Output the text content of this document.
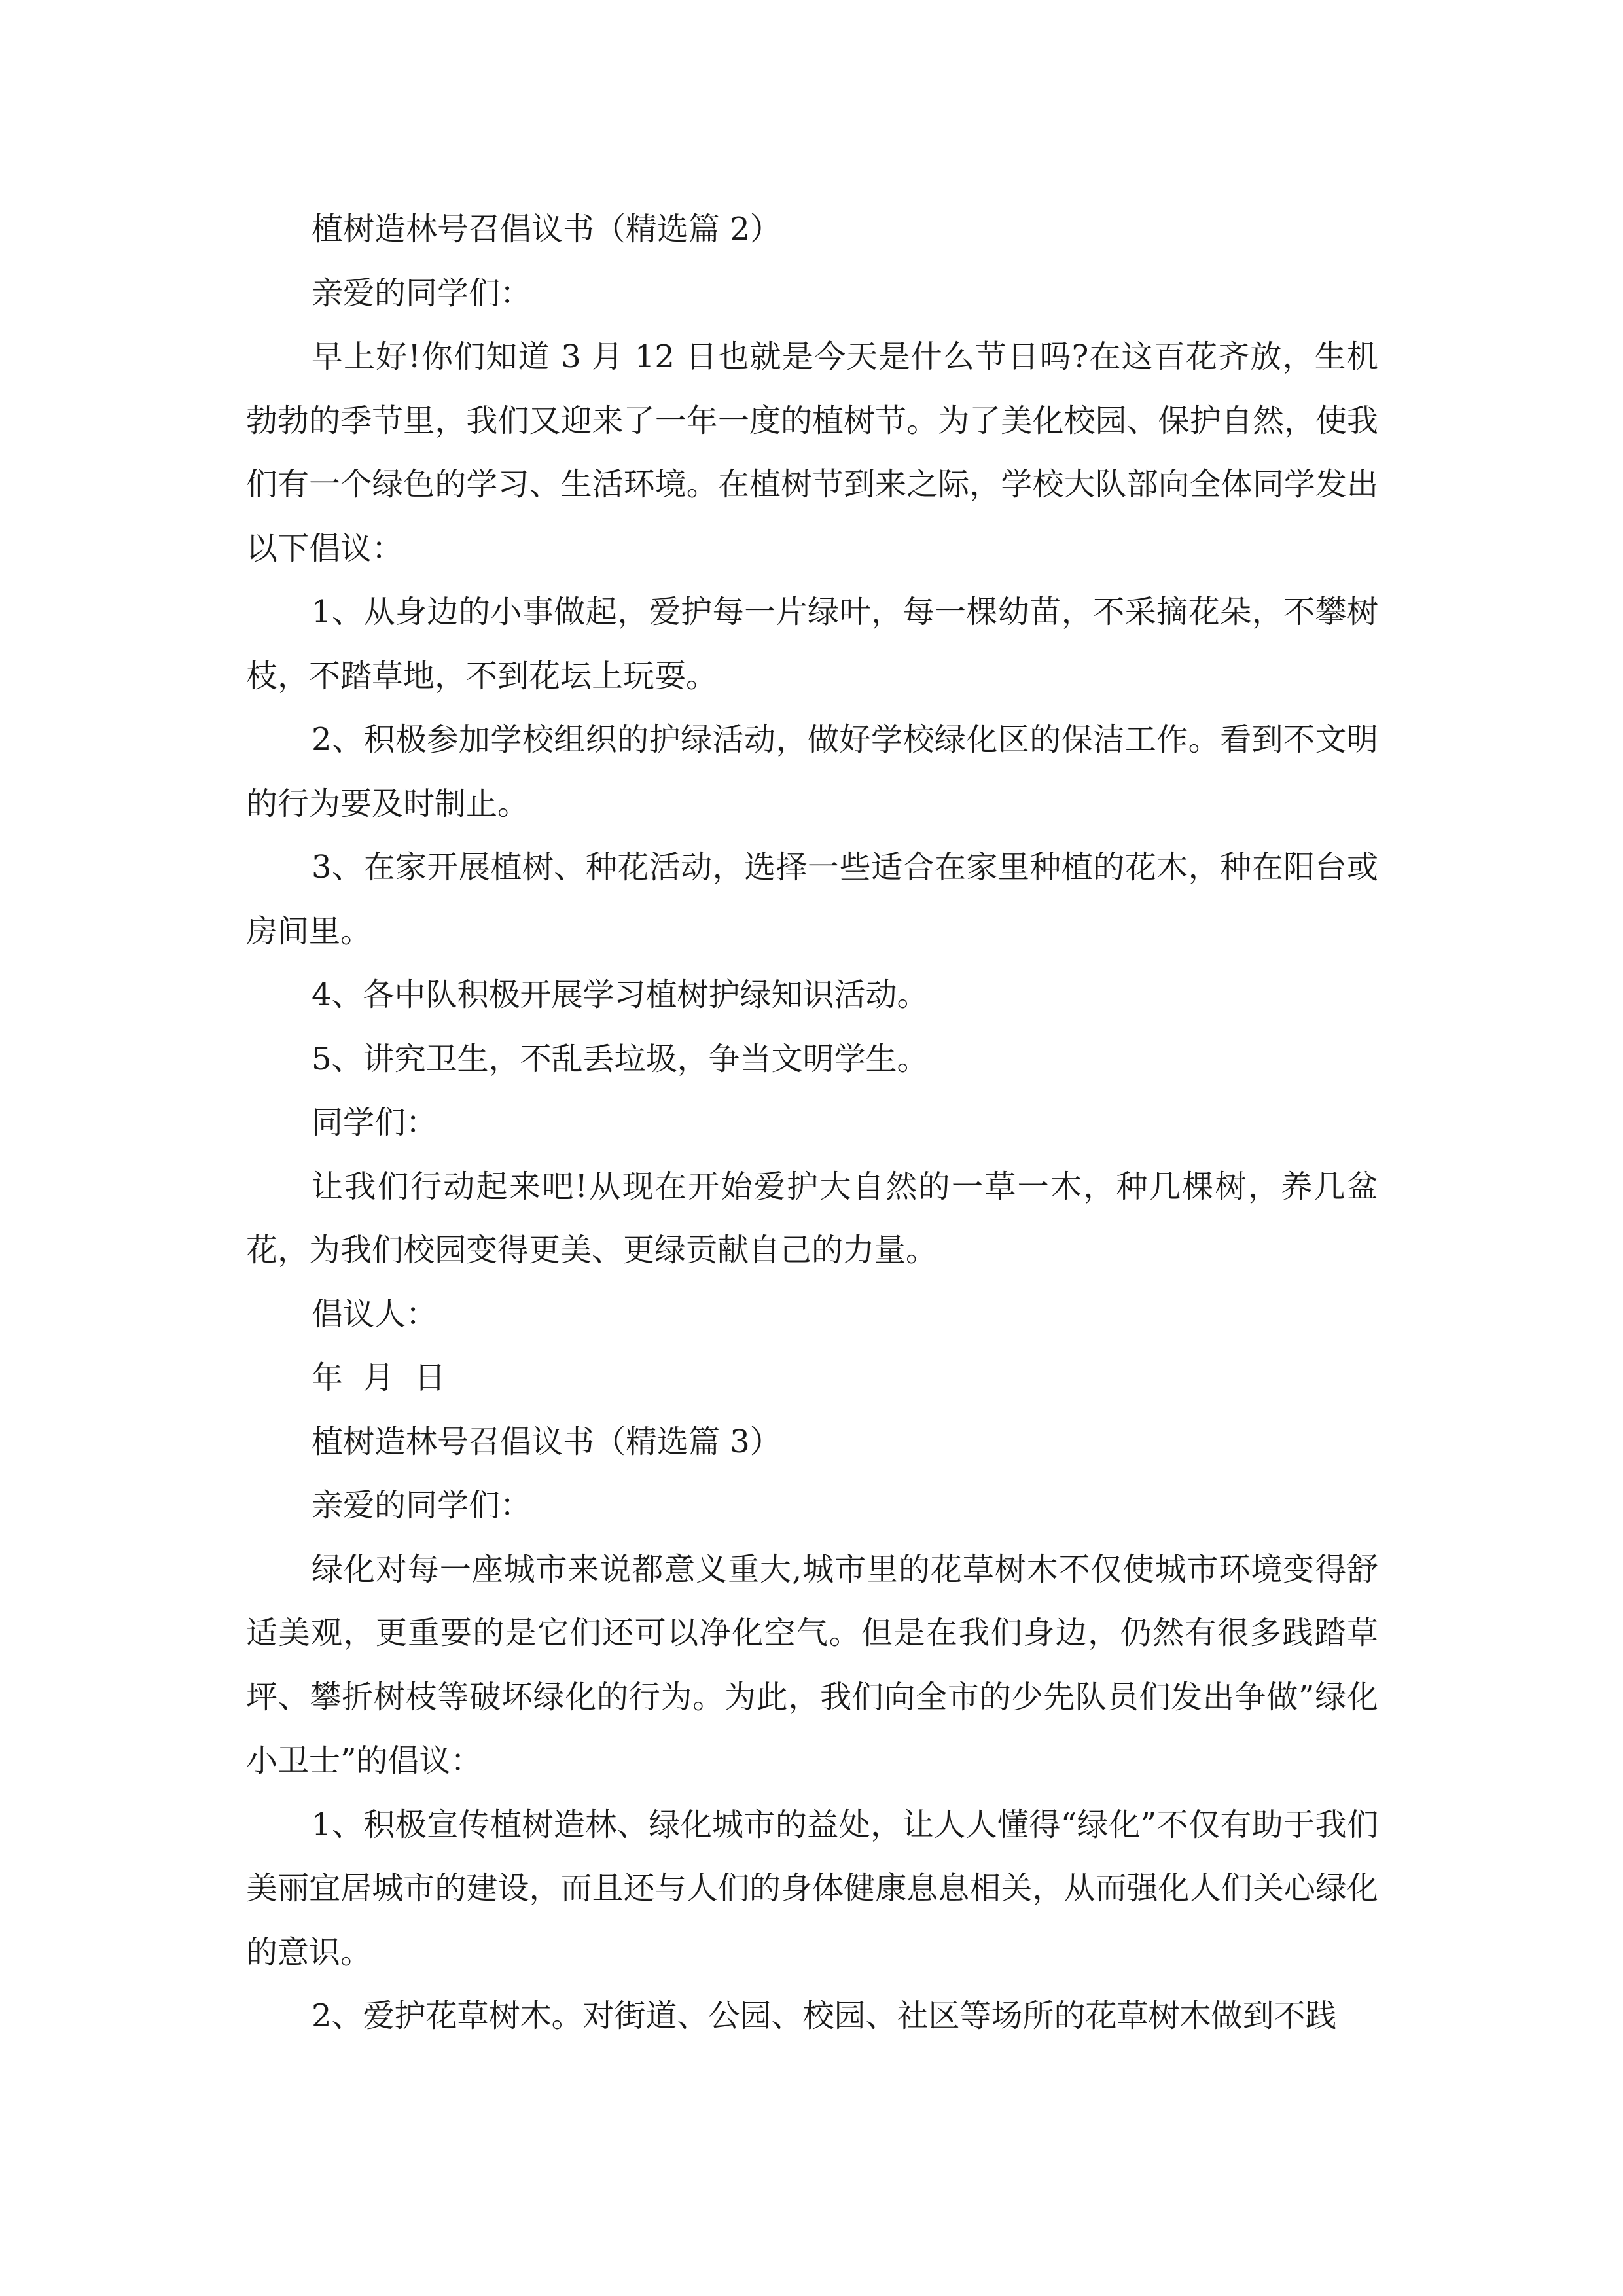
植树造林号召倡议书（精选篇 2）

亲爱的同学们：

早上好!你们知道 3 月 12 日也就是今天是什么节日吗?在这百花齐放，生机勃勃的季节里，我们又迎来了一年一度的植树节。为了美化校园、保护自然，使我们有一个绿色的学习、生活环境。在植树节到来之际，学校大队部向全体同学发出以下倡议：

1、从身边的小事做起，爱护每一片绿叶，每一棵幼苗，不采摘花朵，不攀树枝，不踏草地，不到花坛上玩耍。

2、积极参加学校组织的护绿活动，做好学校绿化区的保洁工作。看到不文明的行为要及时制止。

3、在家开展植树、种花活动，选择一些适合在家里种植的花木，种在阳台或房间里。

4、各中队积极开展学习植树护绿知识活动。

5、讲究卫生，不乱丢垃圾，争当文明学生。

同学们：

让我们行动起来吧!从现在开始爱护大自然的一草一木，种几棵树，养几盆花，为我们校园变得更美、更绿贡献自己的力量。

倡议人：

年  月  日

植树造林号召倡议书（精选篇 3）

亲爱的同学们：

绿化对每一座城市来说都意义重大,城市里的花草树木不仅使城市环境变得舒适美观，更重要的是它们还可以净化空气。但是在我们身边，仍然有很多践踏草坪、攀折树枝等破坏绿化的行为。为此，我们向全市的少先队员们发出争做”绿化小卫士”的倡议：

1、积极宣传植树造林、绿化城市的益处，让人人懂得“绿化”不仅有助于我们美丽宜居城市的建设，而且还与人们的身体健康息息相关，从而强化人们关心绿化的意识。

2、爱护花草树木。对街道、公园、校园、社区等场所的花草树木做到不践
